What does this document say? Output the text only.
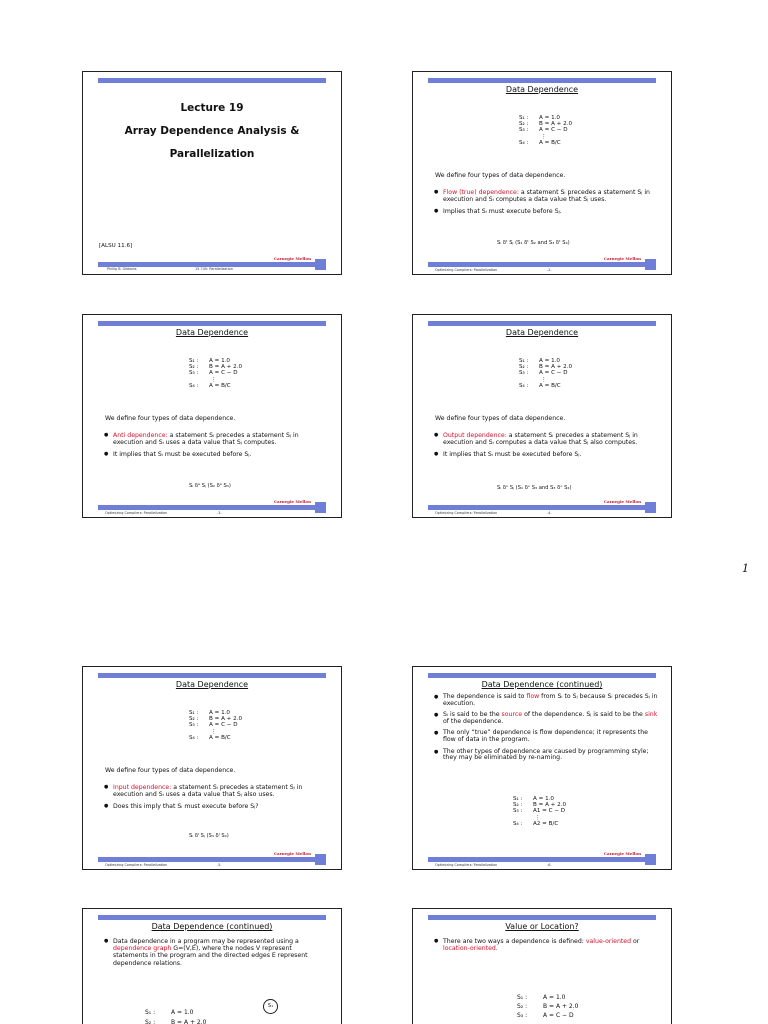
Lecture 19
Array Dependence Analysis &
Parallelization
[ALSU 11.6]
Carnegie Mellon
Phillip B. Gibbons	15-745: Parallelization
Data Dependence
S₁ :	A = 1.0
S₂ :	B = A + 2.0
S₃ :	A = C − D
⋮
S₄ :	A = B/C
We define four types of data dependence.
● Flow (true) dependence: a statement Sᵢ precedes a statement Sⱼ in execution and Sᵢ computes a data value that Sⱼ uses.
● Implies that Sᵢ must execute before Sⱼ.
Sᵢ δᵗ Sⱼ (S₁ δᵗ S₂ and S₃ δᵗ S₄)
Carnegie Mellon
Optimizing Compilers: Parallelization	-2-
Data Dependence
S₁ :	A = 1.0
S₂ :	B = A + 2.0
S₃ :	A = C − D
⋮
S₄ :	A = B/C
We define four types of data dependence.
● Anti dependence: a statement Sᵢ precedes a statement Sⱼ in execution and Sᵢ uses a data value that Sⱼ computes.
● It implies that Sᵢ must be executed before Sⱼ.
Sᵢ δᵃ Sⱼ (S₂ δᵃ S₃)
Carnegie Mellon
Optimizing Compilers: Parallelization	-3-
Data Dependence
S₁ :	A = 1.0
S₂ :	B = A + 2.0
S₃ :	A = C − D
⋮
S₄ :	A = B/C
We define four types of data dependence.
● Output dependence: a statement Sᵢ precedes a statement Sⱼ in execution and Sᵢ computes a data value that Sⱼ also computes.
● It implies that Sᵢ must be executed before Sⱼ.
Sᵢ δᵒ Sⱼ (S₁ δᵒ S₃ and S₃ δᵒ S₄)
Carnegie Mellon
Optimizing Compilers: Parallelization	-4-
1
Data Dependence
S₁ :	A = 1.0
S₂ :	B = A + 2.0
S₃ :	A = C − D
⋮
S₄ :	A = B/C
We define four types of data dependence.
● Input dependence: a statement Sᵢ precedes a statement Sⱼ in execution and Sᵢ uses a data value that Sⱼ also uses.
● Does this imply that Sᵢ must execute before Sⱼ?
Sᵢ δᴵ Sⱼ (S₃ δᴵ S₄)
Carnegie Mellon
Optimizing Compilers: Parallelization	-5-
Data Dependence (continued)
● The dependence is said to flow from Sᵢ to Sⱼ because Sᵢ precedes Sⱼ in execution.
● Sᵢ is said to be the source of the dependence. Sⱼ is said to be the sink of the dependence.
● The only “true” dependence is flow dependence; it represents the flow of data in the program.
● The other types of dependence are caused by programming style; they may be eliminated by re-naming.
S₁ :	A = 1.0
S₂ :	B = A + 2.0
S₃ :	A1 = C − D
⋮
S₄ :	A2 = B/C
Carnegie Mellon
Optimizing Compilers: Parallelization	-6-
Data Dependence (continued)
● Data dependence in a program may be represented using a dependence graph G=(V,E), where the nodes V represent statements in the program and the directed edges E represent dependence relations.
S₁ :	A = 1.0
S₂ :	B = A + 2.0
S₁
Value or Location?
● There are two ways a dependence is defined: value-oriented or location-oriented.
S₁ :	A = 1.0
S₂ :	B = A + 2.0
S₃ :	A = C − D
